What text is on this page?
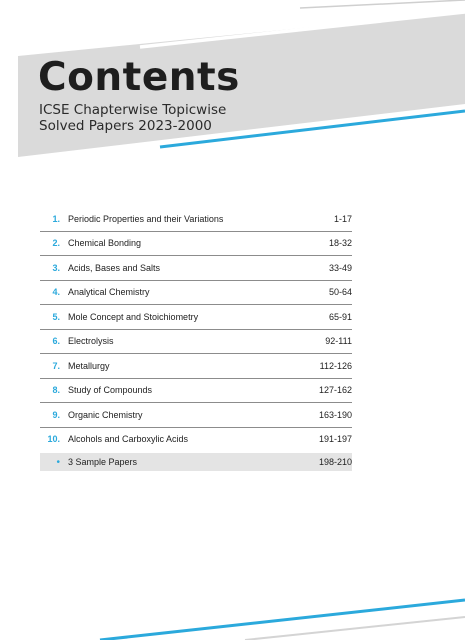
Contents
ICSE Chapterwise Topicwise
Solved Papers 2023-2000
1. Periodic Properties and their Variations	1-17
2. Chemical Bonding	18-32
3. Acids, Bases and Salts	33-49
4. Analytical Chemistry	50-64
5. Mole Concept and Stoichiometry	65-91
6. Electrolysis	92-111
7. Metallurgy	112-126
8. Study of Compounds	127-162
9. Organic Chemistry	163-190
10. Alcohols and Carboxylic Acids	191-197
• 3 Sample Papers	198-210
